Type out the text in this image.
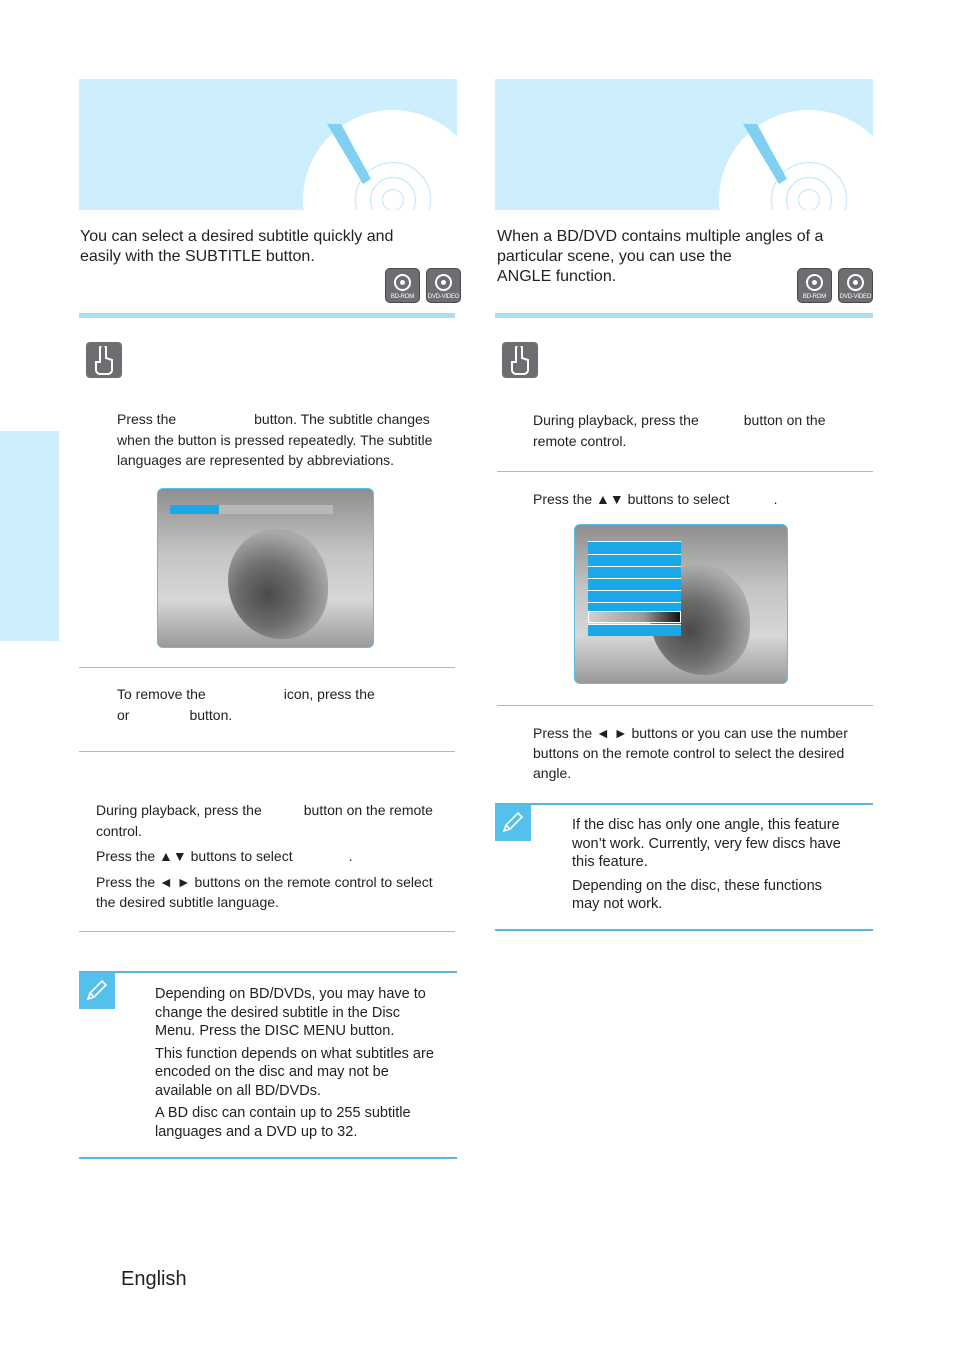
You can select a desired subtitle quickly and
easily with the SUBTITLE button.
BD-ROM	DVD-VIDEO
Press the	button. The subtitle changes
when the button is pressed repeatedly. The subtitle
languages are represented by abbreviations.
To remove the	icon, press the
or	button.
During playback, press the	button on the remote
control.
Press the ▲▼ buttons to select	.
Press the ◄ ► buttons on the remote control to select
the desired subtitle language.
Depending on BD/DVDs, you may have to
change the desired subtitle in the Disc
Menu. Press the DISC MENU button.
This function depends on what subtitles are
encoded on the disc and may not be
available on all BD/DVDs.
A BD disc can contain up to 255 subtitle
languages and a DVD up to 32.
When a BD/DVD contains multiple angles of a
particular scene, you can use the
ANGLE function.
BD-ROM	DVD-VIDEO
During playback, press the	button on the
remote control.
Press the ▲▼ buttons to select	.
Press the ◄ ► buttons or you can use the number
buttons on the remote control to select the desired
angle.
If the disc has only one angle, this feature
won’t work. Currently, very few discs have
this feature.
Depending on the disc, these functions
may not work.
English
